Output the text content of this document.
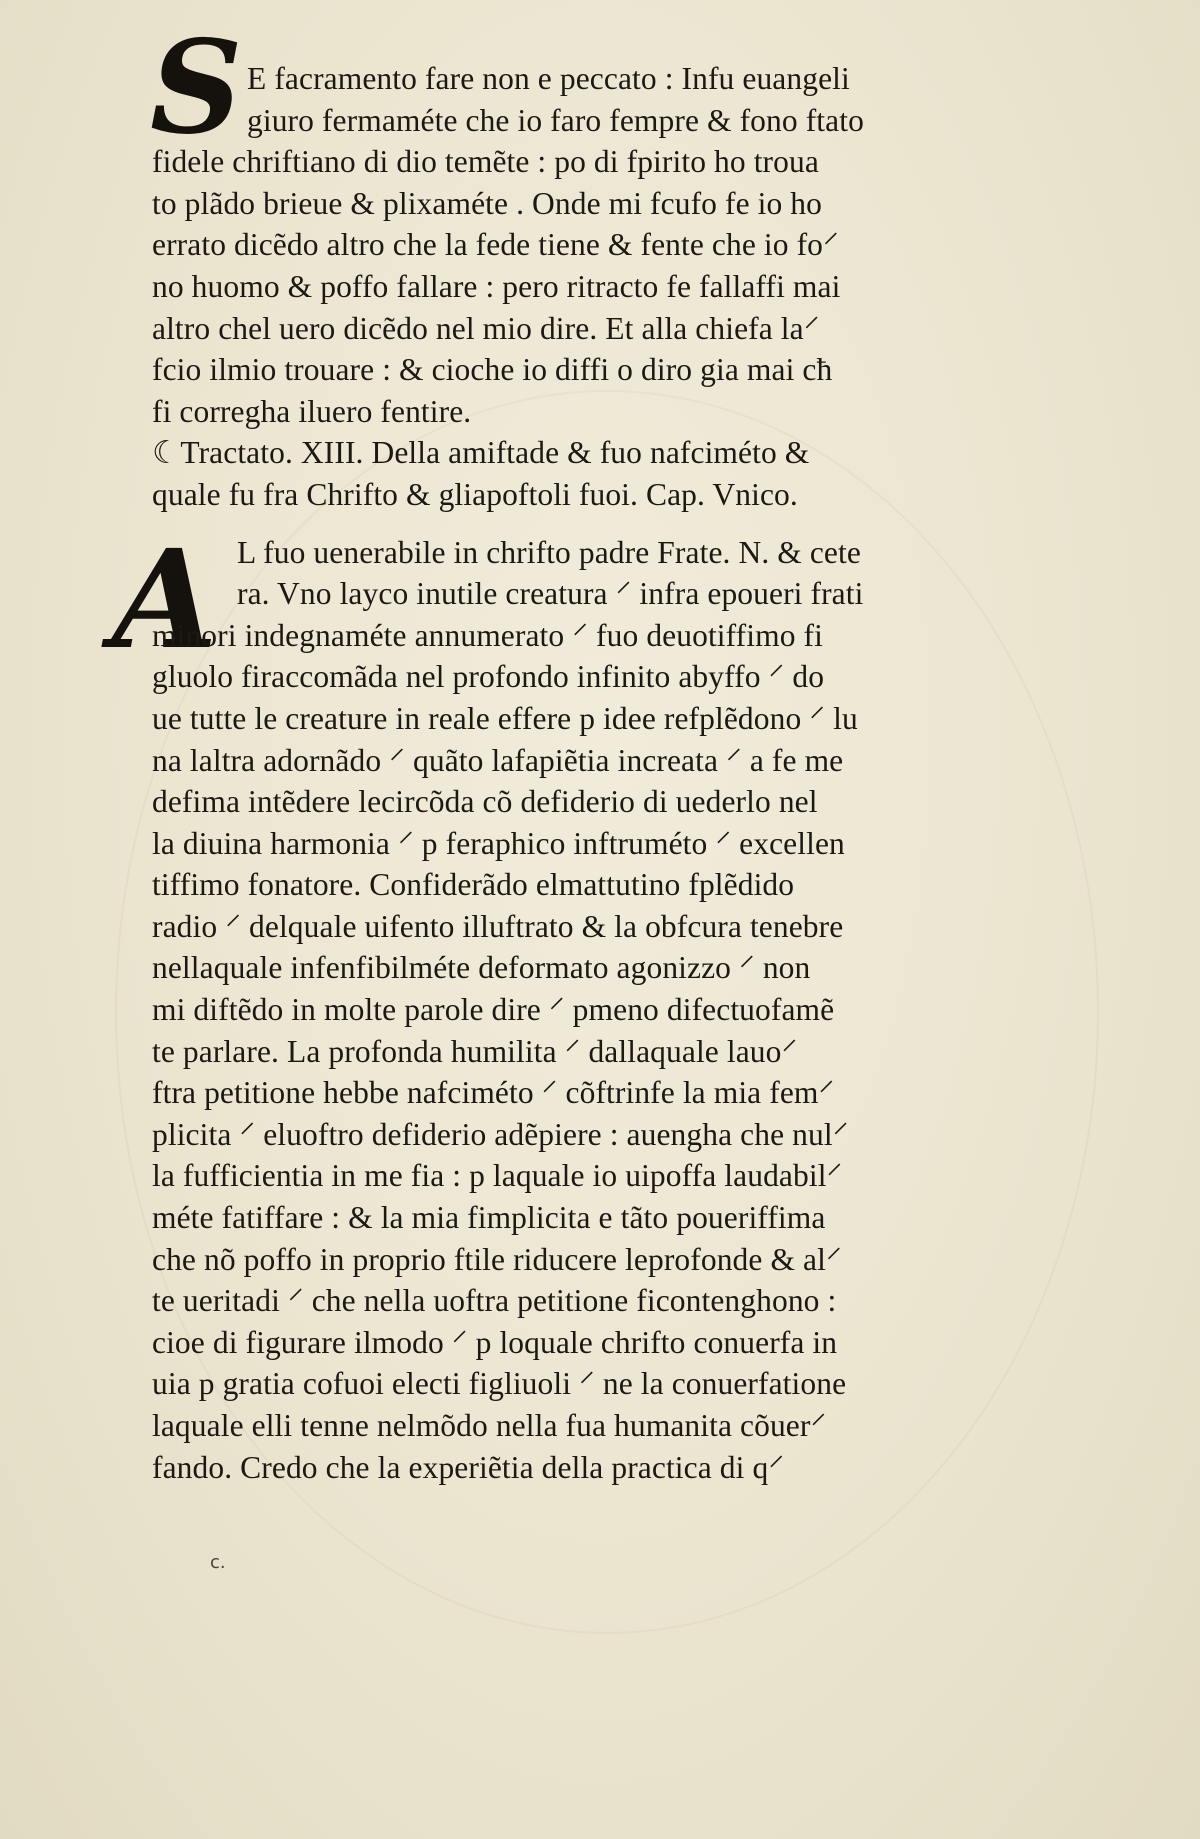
S
A
E facramento fare non e peccato : Infu euangeli
giuro fermaméte che io faro fempre & fono ftato
fidele chriftiano di dio temẽte : po di fpirito ho troua
to plãdo brieue & plixaméte . Onde mi fcufo fe io ho
errato dicẽdo altro che la fede tiene & fente che io fo⸍
no huomo & poffo fallare : pero ritracto fe fallaffi mai
altro chel uero dicẽdo nel mio dire. Et alla chiefa la⸍
fcio ilmio trouare : & cioche io diffi o diro gia mai cħ
fi corregha iluero fentire.
☾Tractato. XIII. Della amiftade & fuo nafciméto &
quale fu fra Chrifto & gliapoftoli fuoi. Cap. Vnico.
L fuo uenerabile in chrifto padre Frate. N. & cete
ra. Vno layco inutile creatura ⸍ infra epoueri frati
minori indegnaméte annumerato ⸍ fuo deuotiffimo fi
gluolo firaccomãda nel profondo infinito abyffo ⸍ do
ue tutte le creature in reale effere p idee refplẽdono ⸍ lu
na laltra adornãdo ⸍ quãto lafapiẽtia increata ⸍ a fe me
defima intẽdere lecircõda cõ defiderio di uederlo nel
la diuina harmonia ⸍ p feraphico inftruméto ⸍ excellen
tiffimo fonatore. Confiderãdo elmattutino fplẽdido
radio ⸍ delquale uifento illuftrato & la obfcura tenebre
nellaquale infenfibilméte deformato agonizzo ⸍ non
mi diftẽdo in molte parole dire ⸍ pmeno difectuofamẽ
te parlare. La profonda humilita ⸍ dallaquale lauo⸍
ftra petitione hebbe nafciméto ⸍ cõftrinfe la mia fem⸍
plicita ⸍ eluoftro defiderio adẽpiere : auengha che nul⸍
la fufficientia in me fia : p laquale io uipoffa laudabil⸍
méte fatiffare : & la mia fimplicita e tãto poueriffima
che nõ poffo in proprio ftile riducere leprofonde & al⸍
te ueritadi ⸍ che nella uoftra petitione ficontenghono :
cioe di figurare ilmodo ⸍ p loquale chrifto conuerfa in
uia p gratia cofuoi electi figliuoli ⸍ ne la conuerfatione
laquale elli tenne nelmõdo nella fua humanita cõuer⸍
fando. Credo che la experiẽtia della practica di q⸍
c.
